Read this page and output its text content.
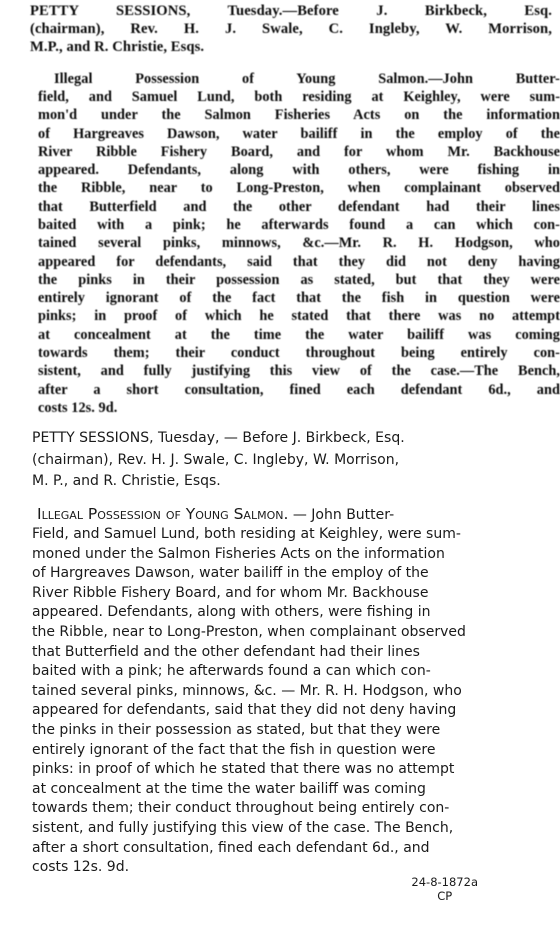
PETTY SESSIONS, Tuesday.—Before J. Birkbeck, Esq.
(chairman), Rev. H. J. Swale, C. Ingleby, W. Morrison,
M.P., and R. Christie, Esqs.

Illegal Possession of Young Salmon.—John Butter-
field, and Samuel Lund, both residing at Keighley, were sum-
mon'd under the Salmon Fisheries Acts on the information
of Hargreaves Dawson, water bailiff in the employ of the
River Ribble Fishery Board, and for whom Mr. Backhouse
appeared. Defendants, along with others, were fishing in
the Ribble, near to Long-Preston, when complainant observed
that Butterfield and the other defendant had their lines
baited with a pink; he afterwards found a can which con-
tained several pinks, minnows, &c.—Mr. R. H. Hodgson, who
appeared for defendants, said that they did not deny having
the pinks in their possession as stated, but that they were
entirely ignorant of the fact that the fish in question were
pinks; in proof of which he stated that there was no attempt
at concealment at the time the water bailiff was coming
towards them; their conduct throughout being entirely con-
sistent, and fully justifying this view of the case.—The Bench,
after a short consultation, fined each defendant 6d., and
costs 12s. 9d.

PETTY SESSIONS, Tuesday, — Before J. Birkbeck, Esq.
(chairman), Rev. H. J. Swale, C. Ingleby, W. Morrison,
M. P., and R. Christie, Esqs.

Illegal Possession of Young Salmon. — John Butter-
Field, and Samuel Lund, both residing at Keighley, were sum-
moned under the Salmon Fisheries Acts on the information
of Hargreaves Dawson, water bailiff in the employ of the
River Ribble Fishery Board, and for whom Mr. Backhouse
appeared. Defendants, along with others, were fishing in
the Ribble, near to Long-Preston, when complainant observed
that Butterfield and the other defendant had their lines
baited with a pink; he afterwards found a can which con-
tained several pinks, minnows, &c. — Mr. R. H. Hodgson, who
appeared for defendants, said that they did not deny having
the pinks in their possession as stated, but that they were
entirely ignorant of the fact that the fish in question were
pinks: in proof of which he stated that there was no attempt
at concealment at the time the water bailiff was coming
towards them; their conduct throughout being entirely con-
sistent, and fully justifying this view of the case. The Bench,
after a short consultation, fined each defendant 6d., and
costs 12s. 9d.
24-8-1872a
CP
